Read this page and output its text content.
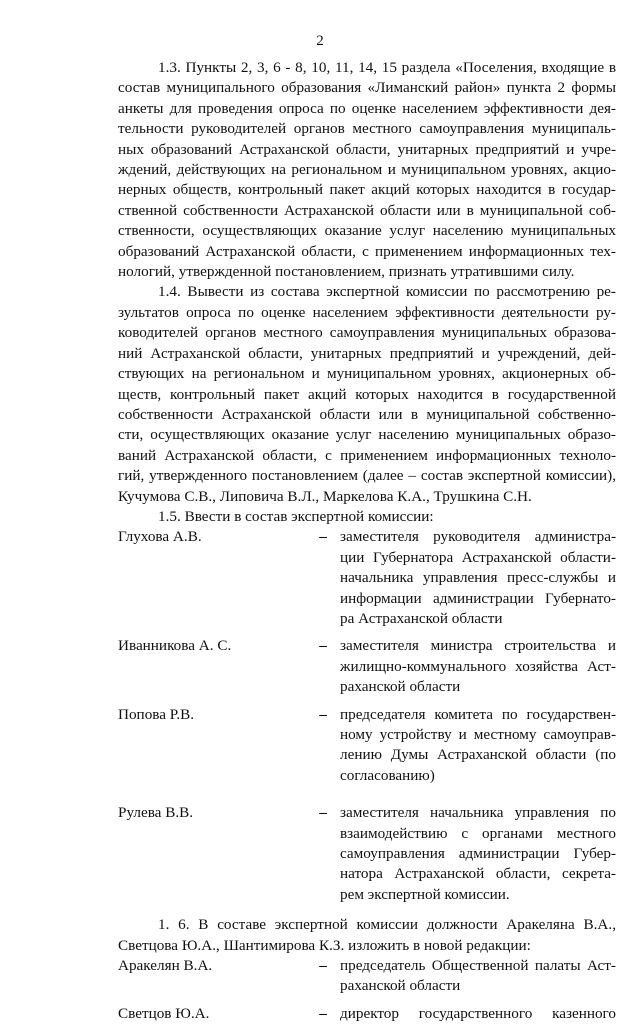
2

1.3. Пункты 2, 3, 6 - 8, 10, 11, 14, 15 раздела «Поселения, входящие в
состав муниципального образования «Лиманский район» пункта 2 формы
анкеты для проведения опроса по оценке населением эффективности дея-
тельности руководителей органов местного самоуправления муниципаль-
ных образований Астраханской области, унитарных предприятий и учре-
ждений, действующих на региональном и муниципальном уровнях, акцио-
нерных обществ, контрольный пакет акций которых находится в государ-
ственной собственности Астраханской области или в муниципальной соб-
ственности, осуществляющих оказание услуг населению муниципальных
образований Астраханской области, с применением информационных тех-
нологий, утвержденной постановлением, признать утратившими силу.

1.4. Вывести из состава экспертной комиссии по рассмотрению ре-
зультатов опроса по оценке населением эффективности деятельности ру-
ководителей органов местного самоуправления муниципальных образова-
ний Астраханской области, унитарных предприятий и учреждений, дей-
ствующих на региональном и муниципальном уровнях, акционерных об-
ществ, контрольный пакет акций которых находится в государственной
собственности Астраханской области или в муниципальной собственно-
сти, осуществляющих оказание услуг населению муниципальных образо-
ваний Астраханской области, с применением информационных техноло-
гий, утвержденного постановлением (далее – состав экспертной комиссии),
Кучумова С.В., Липовича В.Л., Маркелова К.А., Трушкина С.Н.

1.5. Ввести в состав экспертной комиссии:

Глухова А.В.	– заместителя руководителя администра-
ции Губернатора Астраханской области-
начальника управления пресс-службы и
информации администрации Губернато-
ра Астраханской области
Иванникова А. С.	– заместителя министра строительства и
жилищно-коммунального хозяйства Аст-
раханской области
Попова Р.В.	– председателя комитета по государствен-
ному устройству и местному самоуправ-
лению Думы Астраханской области (по
согласованию)
Рулева В.В.	– заместителя начальника управления по
взаимодействию с органами местного
самоуправления администрации Губер-
натора Астраханской области, секрета-
рем экспертной комиссии.

1. 6. В составе экспертной комиссии должности Аракеляна В.А.,
Светцова Ю.А., Шантимирова К.З. изложить в новой редакции:

Аракелян В.А.	– председатель Общественной палаты Аст-
раханской области
Светцов Ю.А.	– директор государственного казенного
